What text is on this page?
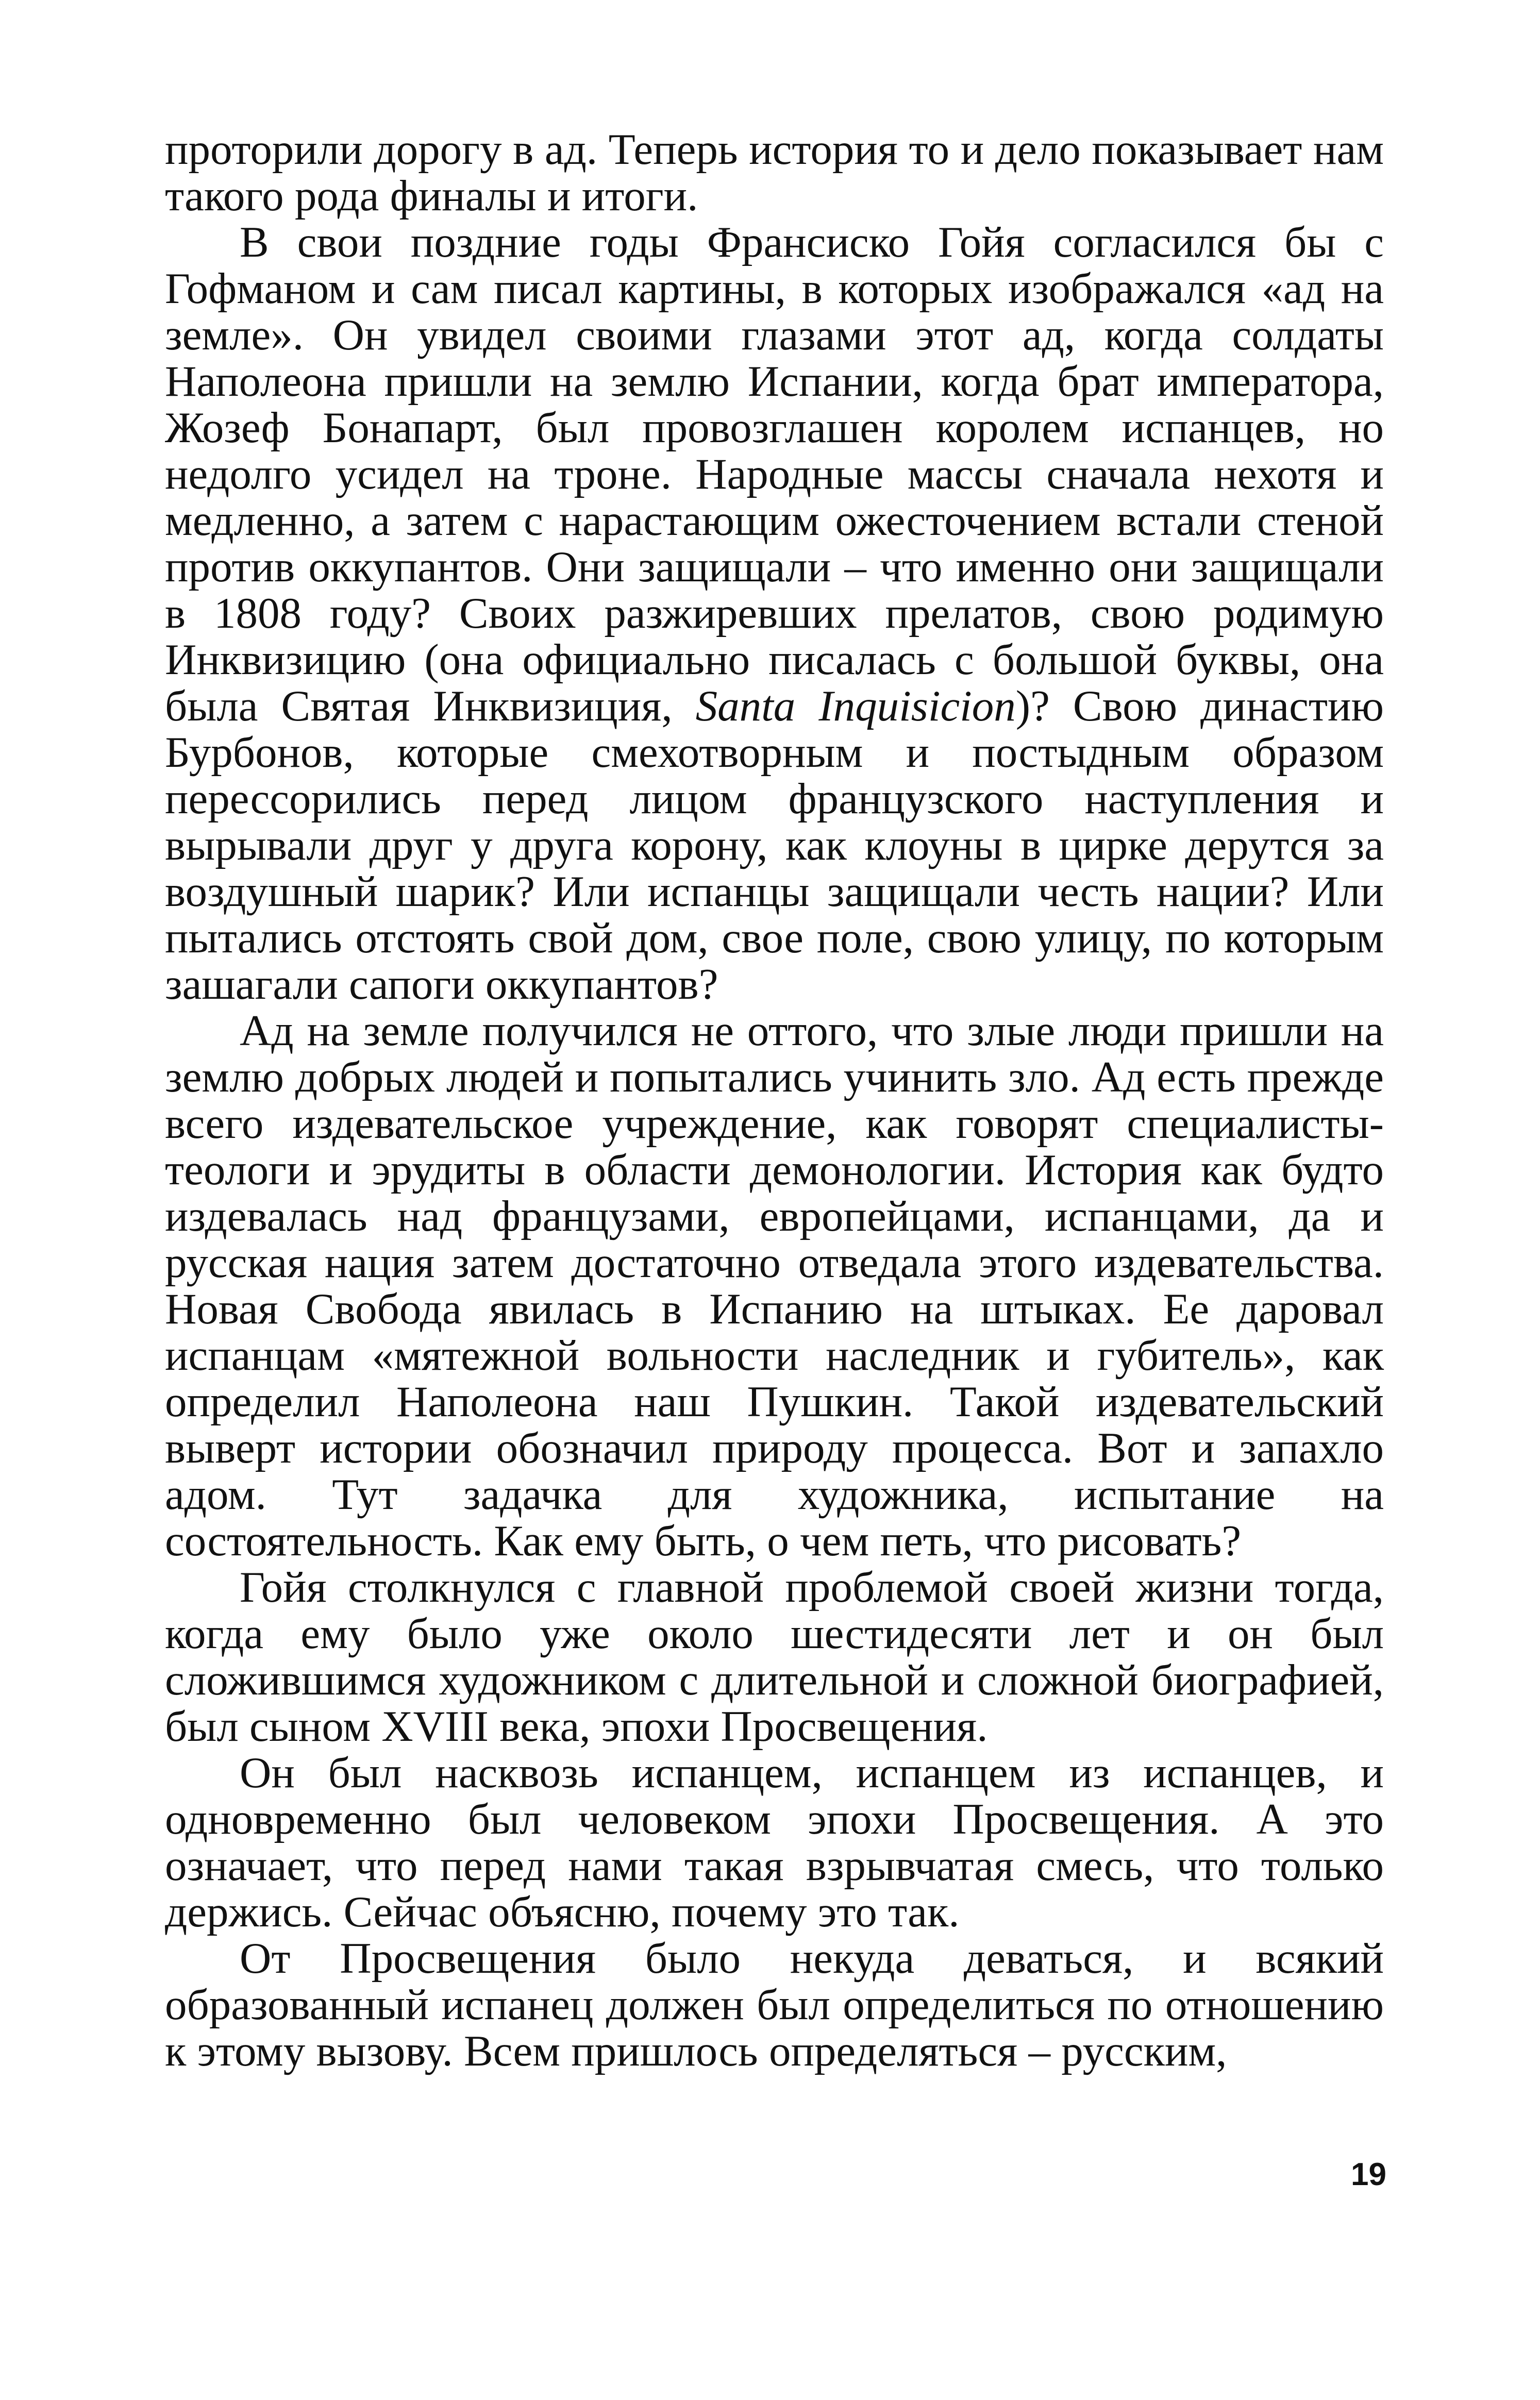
проторили дорогу в ад. Теперь история то и дело показывает нам такого рода финалы и итоги.

В свои поздние годы Франсиско Гойя согласился бы с Гофманом и сам писал картины, в которых изображался «ад на земле». Он увидел своими глазами этот ад, когда солдаты Наполеона пришли на землю Испании, когда брат императора, Жозеф Бонапарт, был провозглашен королем испанцев, но недолго усидел на троне. Народные массы сначала нехотя и медленно, а затем с нарастающим ожесточением встали стеной против оккупантов. Они защищали – что именно они защищали в 1808 году? Своих разжиревших прелатов, свою родимую Инквизицию (она официально писалась с большой буквы, она была Святая Инквизиция, Santa Inquisicion)? Свою династию Бурбонов, которые смехотворным и постыдным образом перессорились перед лицом французского наступления и вырывали друг у друга корону, как клоуны в цирке дерутся за воздушный шарик? Или испанцы защищали честь нации? Или пытались отстоять свой дом, свое поле, свою улицу, по которым зашагали сапоги оккупантов?

Ад на земле получился не оттого, что злые люди пришли на землю добрых людей и попытались учинить зло. Ад есть прежде всего издевательское учреждение, как говорят специалисты-теологи и эрудиты в области демонологии. История как будто издевалась над французами, европейцами, испанцами, да и русская нация затем достаточно отведала этого издевательства. Новая Свобода явилась в Испанию на штыках. Ее даровал испанцам «мятежной вольности наследник и губитель», как определил Наполеона наш Пушкин. Такой издевательский выверт истории обозначил природу процесса. Вот и запахло адом. Тут задачка для художника, испытание на состоятельность. Как ему быть, о чем петь, что рисовать?

Гойя столкнулся с главной проблемой своей жизни тогда, когда ему было уже около шестидесяти лет и он был сложившимся художником с длительной и сложной биографией, был сыном XVIII века, эпохи Просвещения.

Он был насквозь испанцем, испанцем из испанцев, и одновременно был человеком эпохи Просвещения. А это означает, что перед нами такая взрывчатая смесь, что только держись. Сейчас объясню, почему это так.

От Просвещения было некуда деваться, и всякий образованный испанец должен был определиться по отношению к этому вызову. Всем пришлось определяться – русским,

19
